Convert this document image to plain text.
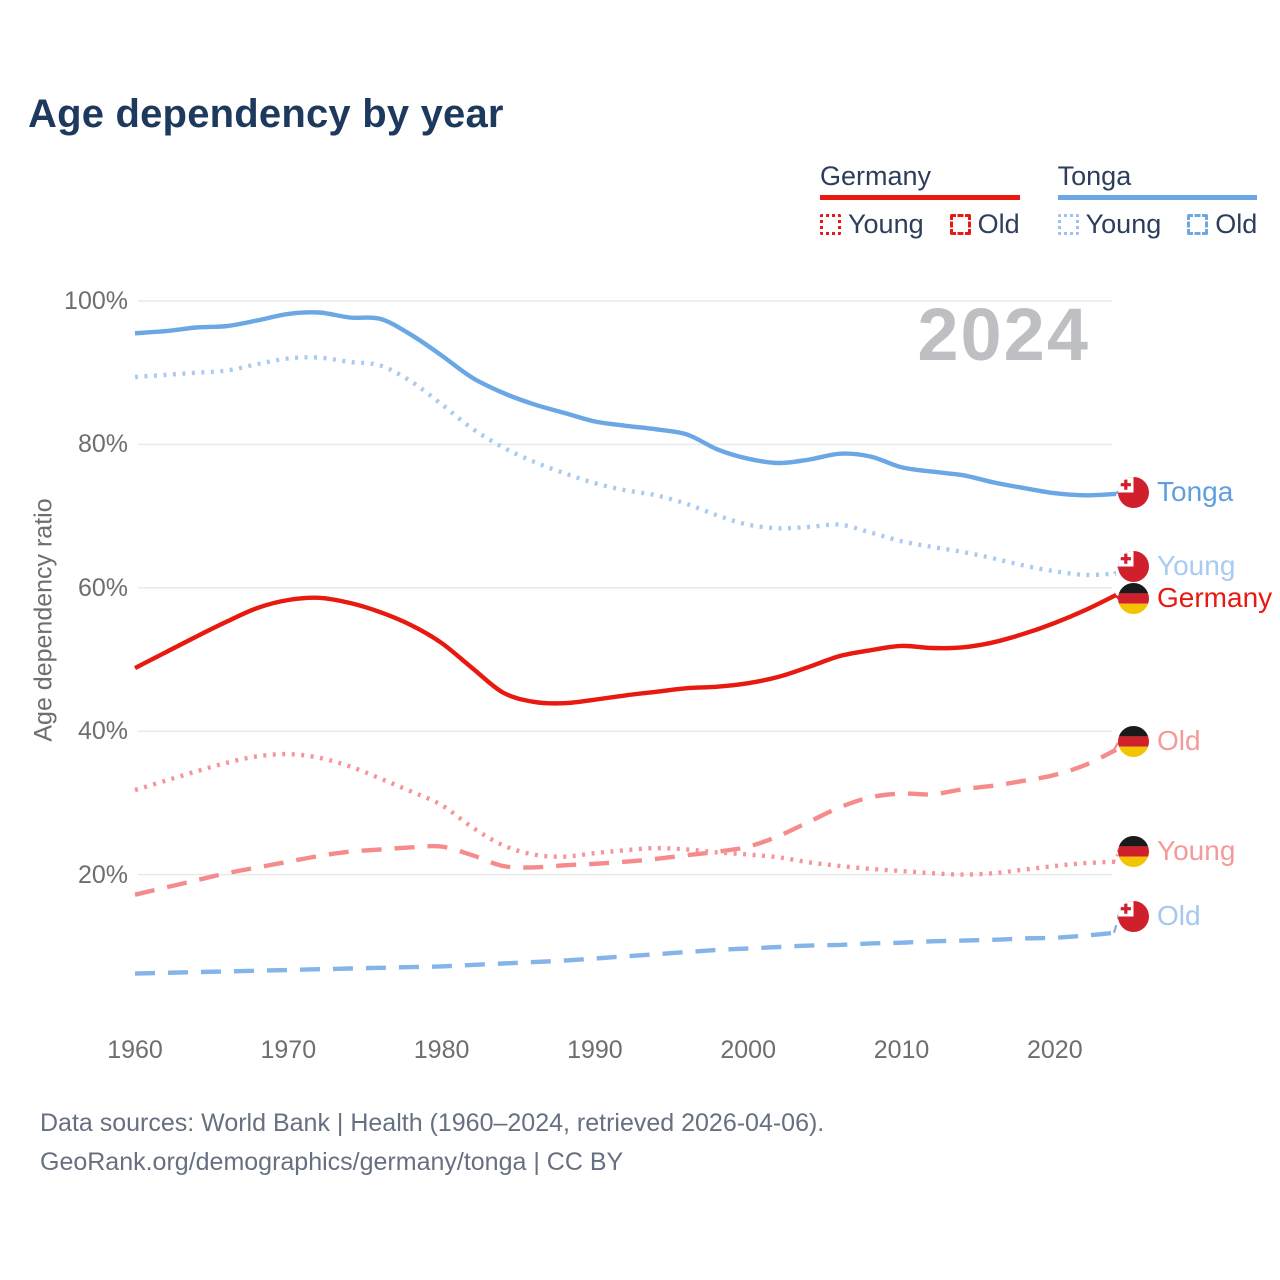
Age dependency by year
Germany
Young Old
Tonga
Young Old
2024
Age dependency ratio
20%
40%
60%
80%
100%
1960	1970	1980	1990	2000	2010	2020
Tonga
Young
Germany
Old
Young
Old
Data sources: World Bank | Health (1960–2024, retrieved 2026-04-06).
GeoRank.org/demographics/germany/tonga | CC BY
